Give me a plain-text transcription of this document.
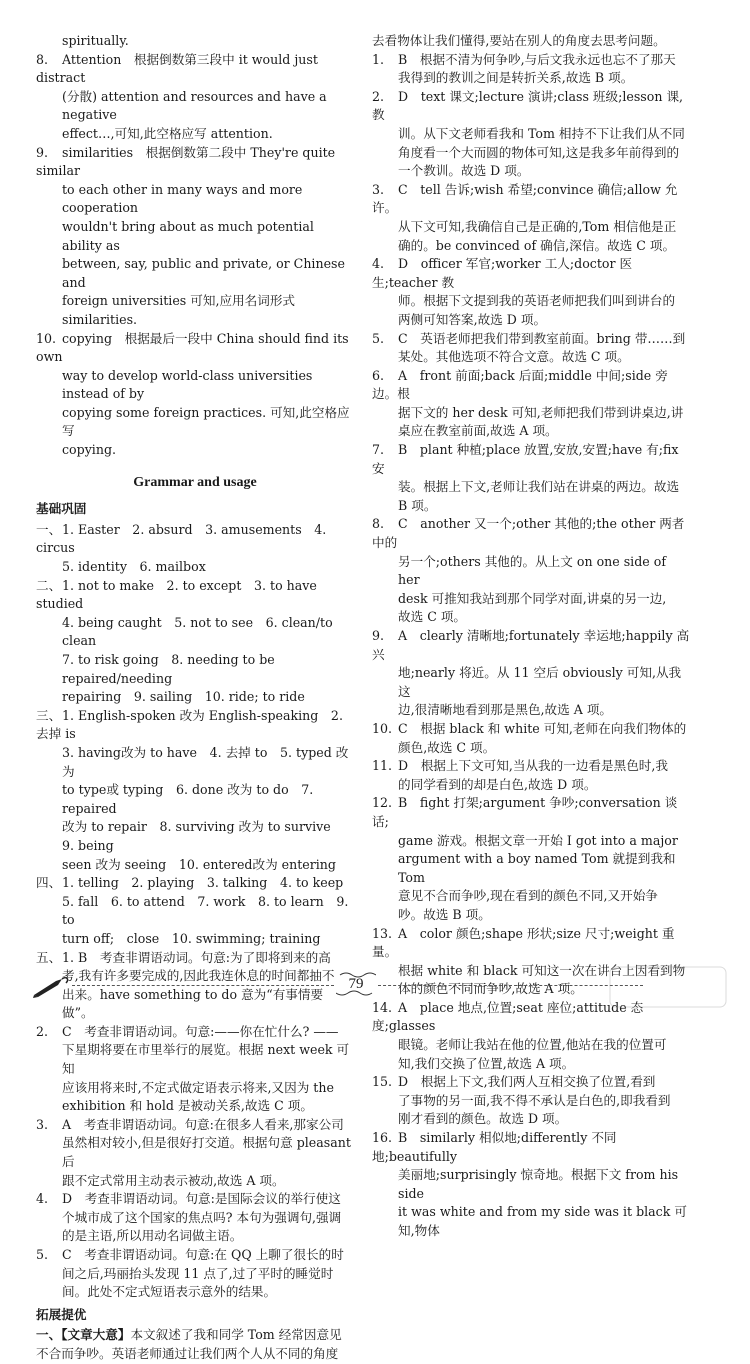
spiritually.
8. Attention　根据倒数第三段中 it would just distract
(分散) attention and resources and have a negative
effect…,可知,此空格应写 attention.
9. similarities　根据倒数第二段中 They're quite similar
to each other in many ways and more cooperation
wouldn't bring about as much potential ability as
between, say, public and private, or Chinese and
foreign universities 可知,应用名词形式 similarities.
10. copying　根据最后一段中 China should find its own
way to develop world-class universities instead of by
copying some foreign practices. 可知,此空格应写
copying.
Grammar and usage
基础巩固
一、1. Easter　2. absurd　3. amusements　4. circus
5. identity　6. mailbox
二、1. not to make　2. to except　3. to have studied
4. being caught　5. not to see　6. clean/to clean
7. to risk going　8. needing to be repaired/needing
repairing　9. sailing　10. ride; to ride
三、1. English-spoken 改为 English-speaking　2. 去掉 is
3. having改为 to have　4. 去掉 to　5. typed 改为
to type或 typing　6. done 改为 to do　7. repaired
改为 to repair　8. surviving 改为 to survive　9. being
seen 改为 seeing　10. entered改为 entering
四、1. telling　2. playing　3. talking　4. to keep
5. fall　6. to attend　7. work　8. to learn　9. to
turn off;　close　10. swimming; training
五、1. B　考查非谓语动词。句意:为了即将到来的高
考,我有许多要完成的,因此我连休息的时间都抽不
出来。have something to do 意为“有事情要做”。
2. C　考查非谓语动词。句意:——你在忙什么? ——
下星期将要在市里举行的展览。根据 next week 可知
应该用将来时,不定式做定语表示将来,又因为 the
exhibition 和 hold 是被动关系,故选 C 项。
3. A　考查非谓语动词。句意:在很多人看来,那家公司
虽然相对较小,但是很好打交道。根据句意 pleasant 后
跟不定式常用主动表示被动,故选 A 项。
4. D　考查非谓语动词。句意:是国际会议的举行使这
个城市成了这个国家的焦点吗? 本句为强调句,强调
的是主语,所以用动名词做主语。
5. C　考查非谓语动词。句意:在 QQ 上聊了很长的时
间之后,玛丽抬头发现 11 点了,过了平时的睡觉时
间。此处不定式短语表示意外的结果。
拓展提优
一、【文章大意】本文叙述了我和同学 Tom 经常因意见
不合而争吵。英语老师通过让我们两个人从不同的角度
去看物体让我们懂得,要站在别人的角度去思考问题。
1. B　根据不清为何争吵,与后文我永远也忘不了那天
我得到的教训之间是转折关系,故选 B 项。
2. D　text 课文;lecture 演讲;class 班级;lesson 课,教
训。从下文老师看我和 Tom 相持不下让我们从不同
角度看一个大而圆的物体可知,这是我多年前得到的
一个教训。故选 D 项。
3. C　tell 告诉;wish 希望;convince 确信;allow 允许。
从下文可知,我确信自己是正确的,Tom 相信他是正
确的。be convinced of 确信,深信。故选 C 项。
4. D　officer 军官;worker 工人;doctor 医生;teacher 教
师。根据下文提到我的英语老师把我们叫到讲台的
两侧可知答案,故选 D 项。
5. C　英语老师把我们带到教室前面。bring 带……到
某处。其他选项不符合文意。故选 C 项。
6. A　front 前面;back 后面;middle 中间;side 旁边。根
据下文的 her desk 可知,老师把我们带到讲桌边,讲
桌应在教室前面,故选 A 项。
7. B　plant 种植;place 放置,安放,安置;have 有;fix 安
装。根据上下文,老师让我们站在讲桌的两边。故选
B 项。
8. C　another 又一个;other 其他的;the other 两者中的
另一个;others 其他的。从上文 on one side of her
desk 可推知我站到那个同学对面,讲桌的另一边,
故选 C 项。
9. A　clearly 清晰地;fortunately 幸运地;happily 高兴
地;nearly 将近。从 11 空后 obviously 可知,从我这
边,很清晰地看到那是黑色,故选 A 项。
10. C　根据 black 和 white 可知,老师在向我们物体的
颜色,故选 C 项。
11. D　根据上下文可知,当从我的一边看是黑色时,我
的同学看到的却是白色,故选 D 项。
12. B　fight 打架;argument 争吵;conversation 谈话;
game 游戏。根据文章一开始 I got into a major
argument with a boy named Tom 就提到我和 Tom
意见不合而争吵,现在看到的颜色不同,又开始争
吵。故选 B 项。
13. A　color 颜色;shape 形状;size 尺寸;weight 重量。
根据 white 和 black 可知这一次在讲台上因看到物
体的颜色不同而争吵,故选 A 项。
14. A　place 地点,位置;seat 座位;attitude 态度;glasses
眼镜。老师让我站在他的位置,他站在我的位置可
知,我们交换了位置,故选 A 项。
15. D　根据上下文,我们两人互相交换了位置,看到
了事物的另一面,我不得不承认是白色的,即我看到
刚才看到的颜色。故选 D 项。
16. B　similarly 相似地;differently 不同地;beautifully
美丽地;surprisingly 惊奇地。根据下文 from his side
it was white and from my side was it black 可知,物体
79
